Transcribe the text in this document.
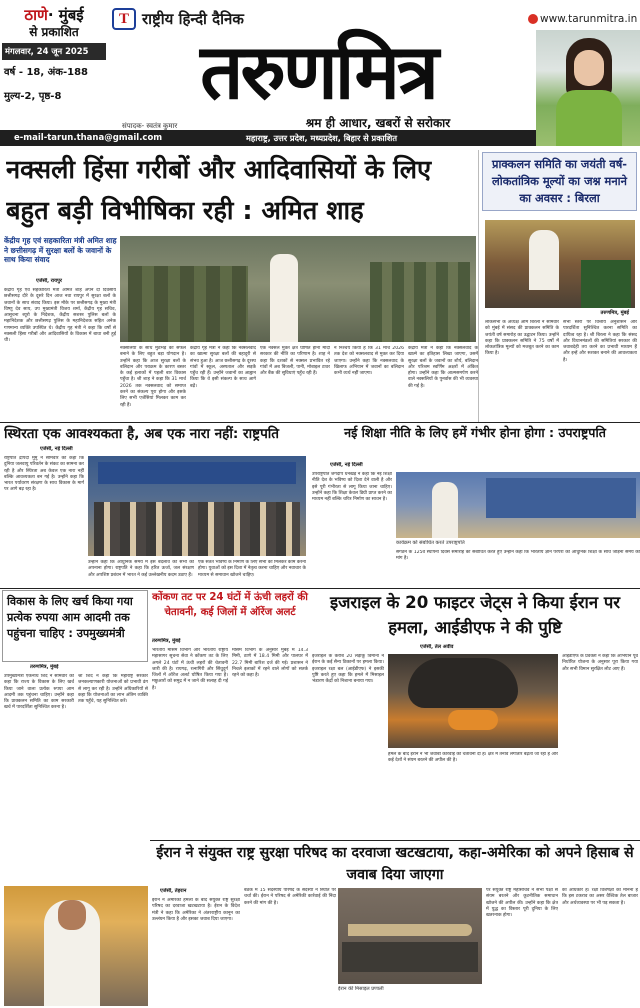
ठाणे· मुंबई
से प्रकाशित
मंगलवार, 24 जून 2025
वर्ष - 18, अंक-188
मुल्य-2, पृष्ठ-8
T राष्ट्रीय हिन्दी दैनिक	www.tarunmitra.in
तरुणमित्र
संपादक- स्वतंत्र कुमार	श्रम ही आधार, खबरों से सरोकार
e-mail-tarun.thana@gmail.com	महाराष्ट्र, उत्तर प्रदेश, मध्यप्रदेश, बिहार से प्रकाशित
नक्सली हिंसा गरीबों और आदिवासियों के लिए बहुत बड़ी विभीषिका रही : अमित शाह
केंद्रीय गृह एवं सहकारिता मंत्री अमित शाह ने छत्तीसगढ़ में सुरक्षा बलों के जवानों के साथ किया संवाद
एजेंसी, रायपुर
केंद्रीय गृह एवं सहकारिता मंत्री अमित शाह अपने दो दिवसीय छत्तीसगढ़ दौरे के दूसरे दिन आज नवा रायपुर में सुरक्षा बलों के जवानों के साथ संवाद किया। इस मौके पर छत्तीसगढ़ के मुख्य मंत्री विष्णु देव साय, उप मुख्यमंत्री विजय शर्मा, केंद्रीय गृह सचिव, आसूचना ब्यूरो के निदेशक, केंद्रीय सशस्त्र पुलिस बलों के महानिदेशक और छत्तीसगढ़ पुलिस के महानिदेशक सहित अनेक गणमान्य व्यक्ति उपस्थित थे। केंद्रीय गृह मंत्री ने कहा कि वर्षों से नक्सली हिंसा गरीबों और आदिवासियों के विकास में बाधा बनी हुई थी।
नक्सलियों के साथ मुठभेड़ को सफल बनाने के लिए बहुत बड़ा योगदान है। उन्होंने कहा कि आज सुरक्षा बलों के बलिदान और पराक्रम के कारण बस्तर के कई इलाकों में पहली बार विकास पहुँचा है। श्री शाह ने कहा कि 31 मार्च 2026 तक नक्सलवाद को समाप्त करने का संकल्प पूरा होगा और इसके लिए सभी एजेंसियां मिलकर काम कर रही हैं।
केंद्रीय गृह मंत्री ने कहा कि नक्सलवाद का खात्मा सुरक्षा बलों की बहादुरी से संभव हुआ है। आज छत्तीसगढ़ के दूरस्थ गांवों में स्कूल, अस्पताल और सड़कें पहुँच रही हैं। उन्होंने जवानों का आह्वान किया कि वे इसी संकल्प के साथ आगे बढ़ें।
एक नक्सल मुक्त क्षेत्र घोषित होना मोदी सरकार की नीति का परिणाम है। शाह ने कहा कि दशकों से नक्सल प्रभावित रहे गांवों में अब बिजली, पानी, मोबाइल टावर और बैंक की सुविधाएं पहुँच रही हैं।
ने निश्चय किया है कि 31 मार्च 2026 तक देश को नक्सलवाद से मुक्त कर दिया जाएगा। उन्होंने कहा कि नक्सलवाद के खिलाफ अभियान में जवानों का बलिदान कभी व्यर्थ नहीं जाएगा।
केंद्रीय मंत्री ने कहा कि नक्सलवाद के खात्मे का इतिहास लिखा जाएगा, उसमें सुरक्षा बलों के जवानों का शौर्य, बलिदान और परिश्रम स्वर्णिम अक्षरों में अंकित होगा। उन्होंने कहा कि आत्मसमर्पण करने वाले नक्सलियों के पुनर्वास की भी व्यवस्था की गई है।
प्राक्कलन समिति का जयंती वर्ष-लोकतांत्रिक मूल्यों का जश्न मनाने का अवसर : बिरला
तरुणमित्र, मुंबई
लोकसभा के अध्यक्ष ओम बिरला ने सोमवार को मुंबई में संसद की प्राक्कलन समिति के जयंती वर्ष समारोह का उद्घाटन किया। उन्होंने कहा कि प्राक्कलन समिति ने 75 वर्षों में लोकतांत्रिक मूल्यों को मजबूत करने का काम किया है।
सभी स्तरों पर वित्तीय अनुशासन और पारदर्शिता सुनिश्चित करना समिति का दायित्व रहा है। श्री बिरला ने कहा कि संसद और विधानमंडलों की समितियां सरकार की जवाबदेही तय करने का प्रभावी माध्यम हैं और इन्हें और सशक्त बनाने की आवश्यकता है।
स्थिरता एक आवश्यकता है, अब एक नारा नहीं: राष्ट्रपति
एजेंसी, नई दिल्ली
राष्ट्रपति द्रौपदी मुर्मु ने सोमवार को कहा कि दुनिया जलवायु परिवर्तन के संकट का सामना कर रही है और स्थिरता अब केवल एक नारा नहीं बल्कि आवश्यकता बन गई है। उन्होंने कहा कि भारत पर्यावरण संरक्षण के साथ विकास के मार्ग पर आगे बढ़ रहा है।
उन्होंने कहा कि आधुनिक समय में इस बदलाव को सभी को अपनाना होगा। राष्ट्रपति ने कहा कि हरित ऊर्जा, जल संरक्षण और अपशिष्ट प्रबंधन में भारत ने कई उल्लेखनीय कदम उठाए हैं।
एक सतत भविष्य के निर्माण के लिए सभी को मिलकर काम करना होगा। युवाओं को इस दिशा में नेतृत्व करना चाहिए और नवाचार के माध्यम से समाधान खोजने चाहिए।
नई शिक्षा नीति के लिए हमें गंभीर होना होगा : उपराष्ट्रपति
एजेंसी, नई दिल्ली
उपराष्ट्रपति जगदीप धनखड़ ने कहा कि नई शिक्षा नीति देश के भविष्य को दिशा देने वाली है और इसे पूरी गंभीरता से लागू किया जाना चाहिए। उन्होंने कहा कि शिक्षा केवल डिग्री प्राप्त करने का माध्यम नहीं बल्कि चरित्र निर्माण का साधन है।
कार्यक्रम को संबोधित करते उपराष्ट्रपति
संगठन के 125वें स्थापना दिवस समारोह को संबोधित करते हुए उन्होंने कहा कि भारतीय ज्ञान परंपरा को आधुनिक शिक्षा के साथ जोड़ना समय की मांग है।
विकास के लिए खर्च किया गया प्रत्येक रुपया आम आदमी तक पहुंचना चाहिए : उपमुख्यमंत्री
तरुणमित्र, मुंबई
उपमुख्यमंत्री एकनाथ शिंदे ने सोमवार को कहा कि राज्य के विकास के लिए खर्च किया जाने वाला प्रत्येक रुपया आम आदमी तक पहुंचना चाहिए। उन्होंने कहा कि प्राक्कलन समिति का काम सरकारी खर्च में पारदर्शिता सुनिश्चित करना है।
श्री शिंदे ने कहा कि महाराष्ट्र सरकार जनकल्याणकारी योजनाओं को प्रभावी ढंग से लागू कर रही है। उन्होंने अधिकारियों से कहा कि योजनाओं का लाभ अंतिम व्यक्ति तक पहुँचे, यह सुनिश्चित करें।
कोंकण तट पर 24 घंटों में ऊंची लहरों की चेतावनी, कई जिलों में ऑरेंज अलर्ट
तरुणमित्र, मुंबई
भारतीय मौसम विभाग और भारतीय राष्ट्रीय महासागर सूचना सेवा ने कोंकण तट के लिए अगले 24 घंटों में ऊंची लहरों की चेतावनी जारी की है। रायगढ़, रत्नागिरी और सिंधुदुर्ग जिलों में ऑरेंज अलर्ट घोषित किया गया है। मछुआरों को समुद्र में न जाने की सलाह दी गई है।
मौसम विभाग के अनुसार मुंबई में 14.3 मिमी, ठाणे में 18.4 मिमी और पालघर में 22.7 मिमी बारिश दर्ज की गई। प्रशासन ने निचले इलाकों में रहने वाले लोगों को सतर्क रहने को कहा है।
इजराइल के 20 फाइटर जेट्स ने किया ईरान पर हमला, आईडीएफ ने की पुष्टि
एजेंसी, तेल अवीव
इजराइल के करीब 20 लड़ाकू विमानों ने ईरान के कई सैन्य ठिकानों पर हमला किया। इजराइल रक्षा बल (आईडीएफ) ने इसकी पुष्टि करते हुए कहा कि हमले में मिसाइल भंडारण केंद्रों को निशाना बनाया गया।
हमले के बाद ईरान ने भी जवाबी कार्रवाई की चेतावनी दी है। क्षेत्र में तनाव लगातार बढ़ता जा रहा है और कई देशों ने संयम बरतने की अपील की है।
आईडीएफ के प्रवक्ता ने कहा कि अभियान पूर्व निर्धारित योजना के अनुसार पूरा किया गया और सभी विमान सुरक्षित लौट आए हैं।
ईरान ने संयुक्त राष्ट्र सुरक्षा परिषद का दरवाजा खटखटाया, कहा-अमेरिका को अपने हिसाब से जवाब दिया जाएगा
एजेंसी, तेहरान
ईरान ने अमेरिकी हमलों के बाद संयुक्त राष्ट्र सुरक्षा परिषद का दरवाजा खटखटाया है। ईरान के विदेश मंत्री ने कहा कि अमेरिका ने अंतरराष्ट्रीय कानून का उल्लंघन किया है और इसका जवाब दिया जाएगा।
बैठक में 15 सदस्यीय परिषद के सदस्यों ने स्थिति पर चर्चा की। ईरान ने परिषद से अमेरिकी कार्रवाई की निंदा करने की मांग की है।
ईरान की मिसाइल प्रणाली
पर संयुक्त राष्ट्र महासचिव ने सभी पक्षों से संयम बरतने और कूटनीतिक समाधान खोजने की अपील की। उन्होंने कहा कि क्षेत्र में युद्ध का विस्तार पूरी दुनिया के लिए खतरनाक होगा।
का अधिकार है। रक्षा विशेषज्ञों का मानना है कि इस टकराव का असर वैश्विक तेल बाजार और अर्थव्यवस्था पर भी पड़ सकता है।
